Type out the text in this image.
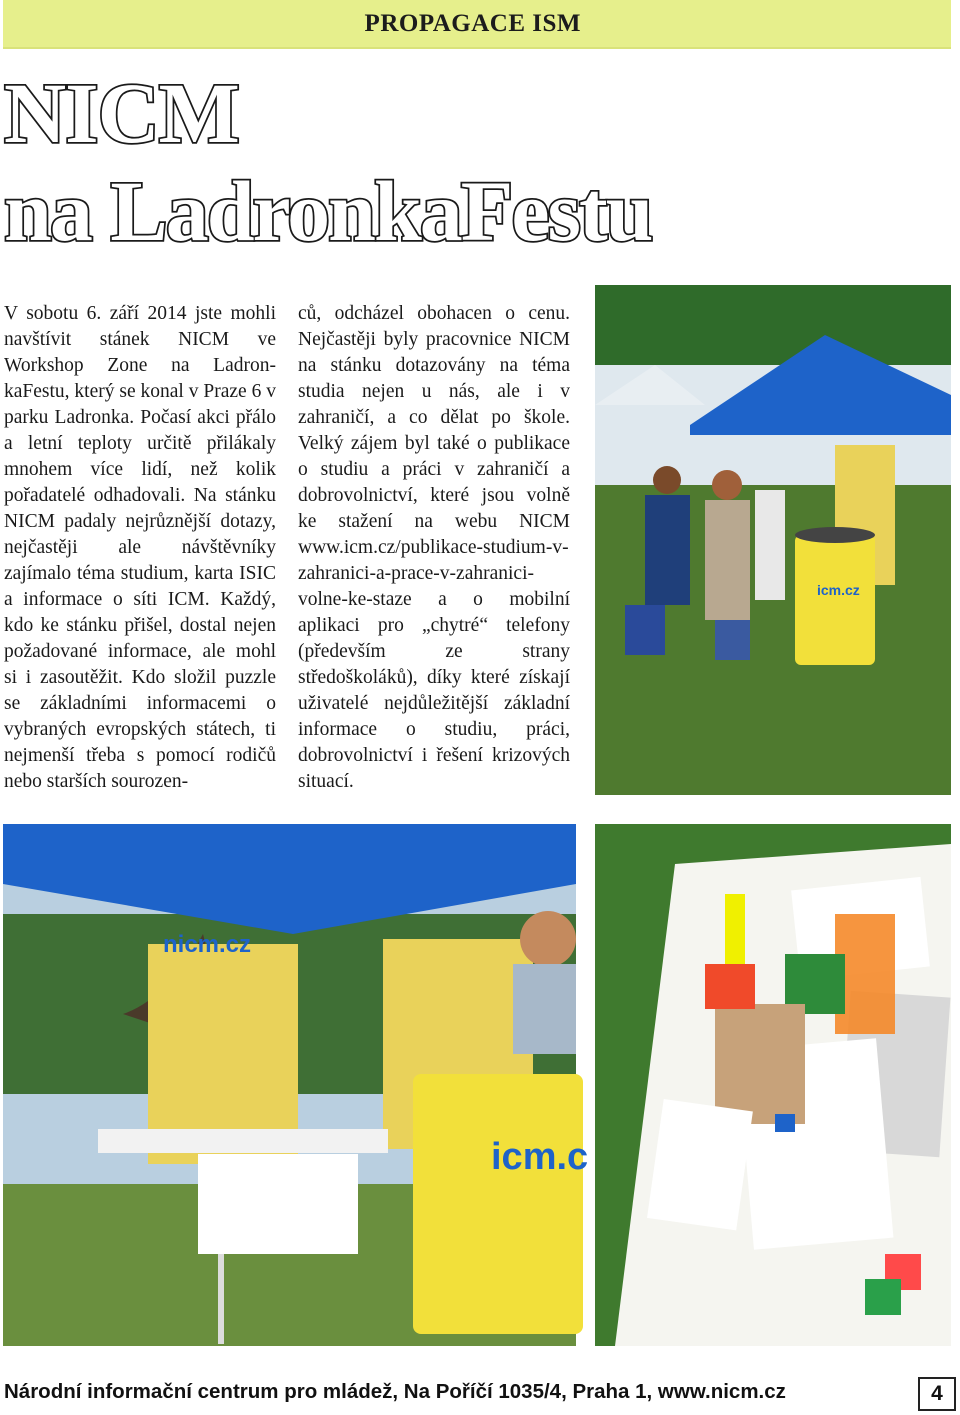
PROPAGACE ISM
NICM
na LadronkaFestu

V sobotu 6. září 2014 jste mohli navštívit stánek NICM ve Workshop Zone na LadronkaFestu, který se konal v Praze 6 v parku Ladronka. Počasí akci přálo a letní teploty určitě přilákaly mnohem více lidí, než kolik pořadatelé odhadovali. Na stánku NICM padaly nejrůznější dotazy, nejčastěji ale návštěvníky zajímalo téma studium, karta ISIC a informace o síti ICM. Každý, kdo ke stánku přišel, dostal nejen požadované informace, ale mohl si i zasoutěžit. Kdo složil puzzle se základními informacemi o vybraných evropských státech, ti nejmenší třeba s pomocí rodičů nebo starších sourozen-

ců, odcházel obohacen o cenu. Nejčastěji byly pracovnice NICM na stánku dotazovány na téma studia nejen u nás, ale i v zahraničí, a co dělat po škole. Velký zájem byl také o publikace o studiu a práci v zahraničí a dobrovolnictví, které jsou volně ke stažení na webu NICM www.icm.cz/publikace-studium-v-zahranici-a-prace-v-zahranici-volne-ke-staze a o mobilní aplikaci pro „chytré“ telefony (především ze strany středoškoláků), díky které získají uživatelé nejdůležitější základní informace o studiu, práci, dobrovolnictví i řešení krizových situací.

icm.cz
nicm.cz
icm.c
Národní informační centrum pro mládež, Na Poříčí 1035/4, Praha 1, www.nicm.cz	4
